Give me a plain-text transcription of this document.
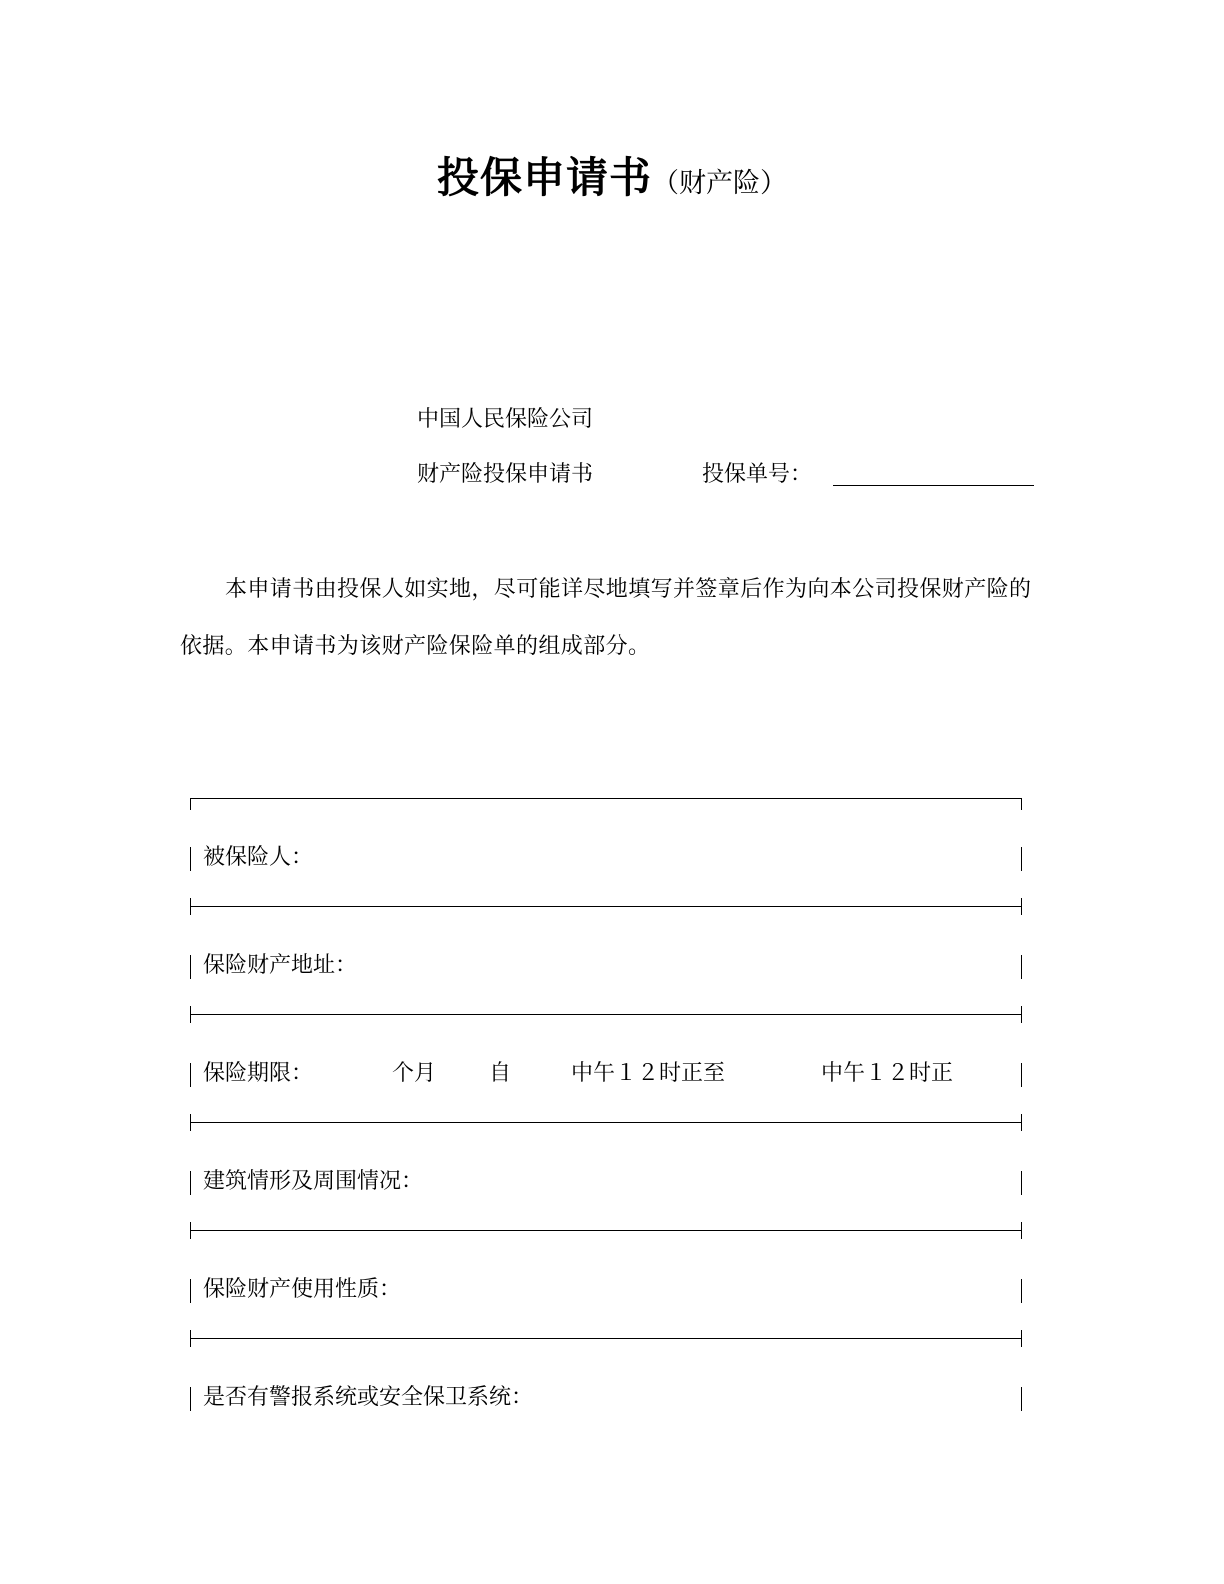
投保申请书（财产险）
中国人民保险公司
财产险投保申请书	投保单号：
本申请书由投保人如实地，尽可能详尽地填写并签章后作为向本公司投保财产险的依据。本申请书为该财产险保险单的组成部分。
被保险人：
保险财产地址：
保险期限：	个月 自	中午１２时正至	中午１２时正
建筑情形及周围情况：
保险财产使用性质：
是否有警报系统或安全保卫系统：
